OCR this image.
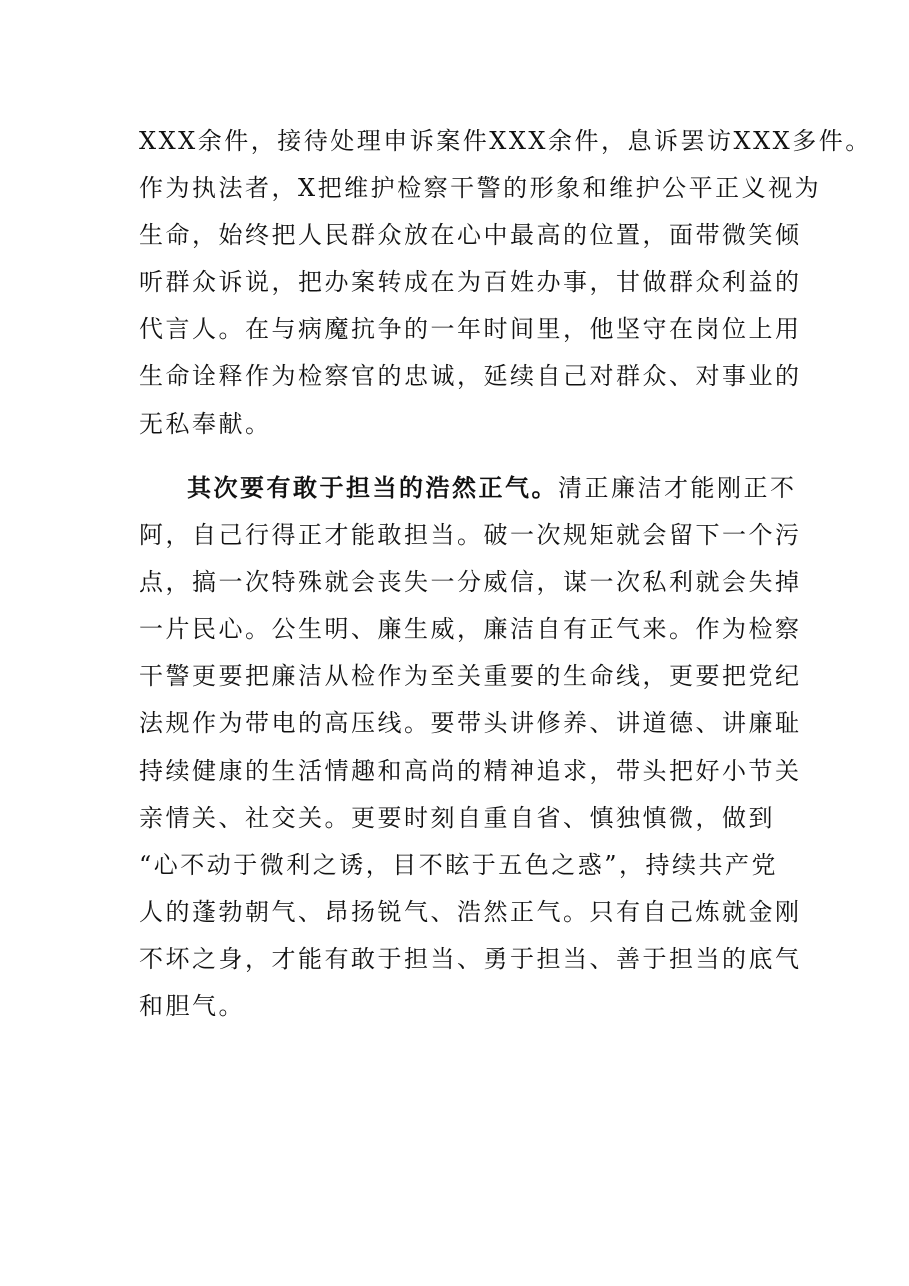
XXX余件，接待处理申诉案件XXX余件，息诉罢访XXX多件。
作为执法者，X把维护检察干警的形象和维护公平正义视为
生命，始终把人民群众放在心中最高的位置，面带微笑倾
听群众诉说，把办案转成在为百姓办事，甘做群众利益的
代言人。在与病魔抗争的一年时间里，他坚守在岗位上用
生命诠释作为检察官的忠诚，延续自己对群众、对事业的
无私奉献。
其次要有敢于担当的浩然正气。清正廉洁才能刚正不
阿，自己行得正才能敢担当。破一次规矩就会留下一个污
点，搞一次特殊就会丧失一分威信，谋一次私利就会失掉
一片民心。公生明、廉生威，廉洁自有正气来。作为检察
干警更要把廉洁从检作为至关重要的生命线，更要把党纪
法规作为带电的高压线。要带头讲修养、讲道德、讲廉耻
持续健康的生活情趣和高尚的精神追求，带头把好小节关
亲情关、社交关。更要时刻自重自省、慎独慎微，做到
“心不动于微利之诱，目不眩于五色之惑”，持续共产党
人的蓬勃朝气、昂扬锐气、浩然正气。只有自己炼就金刚
不坏之身，才能有敢于担当、勇于担当、善于担当的底气
和胆气。
